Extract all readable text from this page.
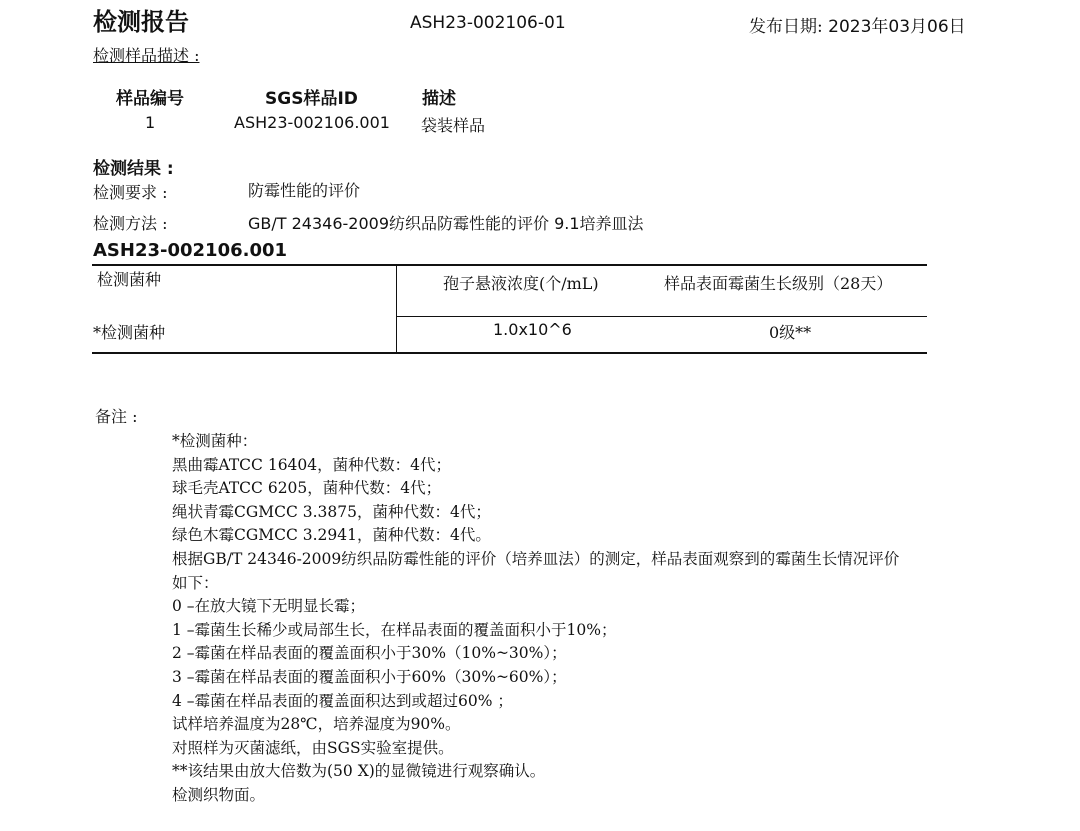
检测报告	ASH23-002106-01	发布日期: 2023年03月06日
检测样品描述 :
样品编号	SGS样品ID	描述
1	ASH23-002106.001 袋装样品
检测结果 :
检测要求 :	防霉性能的评价
检测方法 :	GB/T 24346-2009纺织品防霉性能的评价 9.1培养皿法
ASH23-002106.001
检测菌种	孢子悬液浓度(个/mL)	样品表面霉菌生长级别（28天）
*检测菌种	1.0x10^6	0级**
备注 :
*检测菌种：
黑曲霉ATCC 16404，菌种代数：4代；
球毛壳ATCC 6205，菌种代数：4代；
绳状青霉CGMCC 3.3875，菌种代数：4代；
绿色木霉CGMCC 3.2941，菌种代数：4代。
根据GB/T 24346-2009纺织品防霉性能的评价（培养皿法）的测定，样品表面观察到的霉菌生长情况评价
如下：
0 –在放大镜下无明显长霉；
1 –霉菌生长稀少或局部生长，在样品表面的覆盖面积小于10%；
2 –霉菌在样品表面的覆盖面积小于30%（10%~30%）；
3 –霉菌在样品表面的覆盖面积小于60%（30%~60%）；
4 –霉菌在样品表面的覆盖面积达到或超过60% ；
试样培养温度为28℃，培养湿度为90%。
对照样为灭菌滤纸，由SGS实验室提供。
**该结果由放大倍数为(50 X)的显微镜进行观察确认。
检测织物面。
